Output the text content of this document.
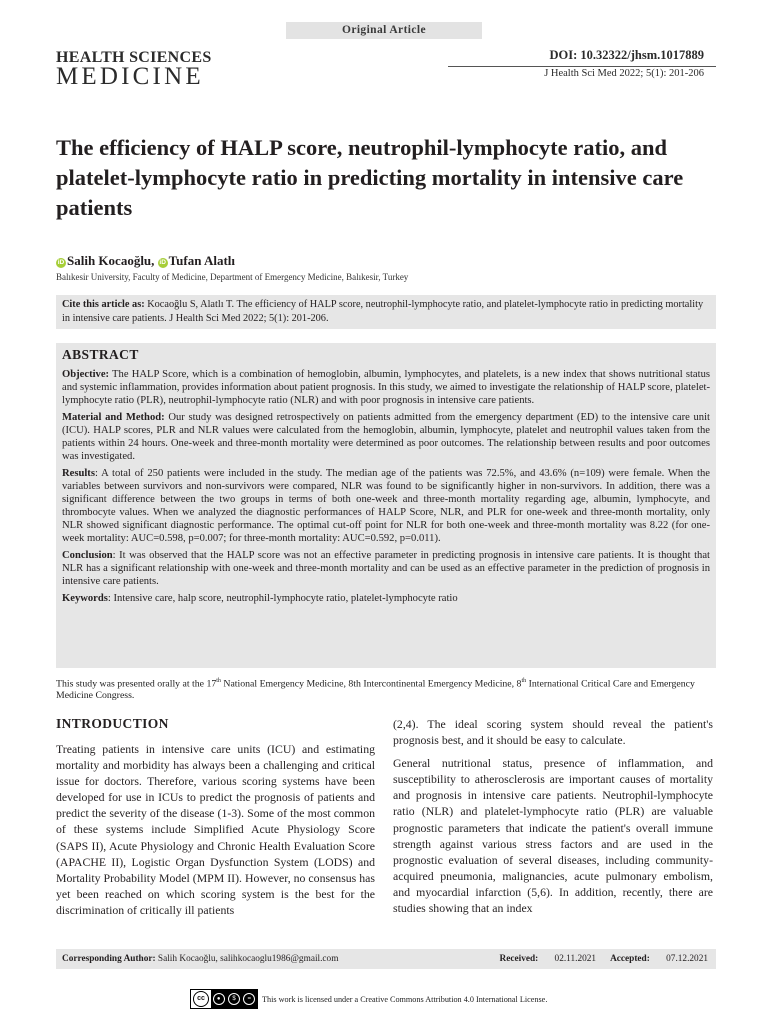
Original Article
HEALTH SCIENCES
MEDICINE
DOI: 10.32322/jhsm.1017889
J Health Sci Med 2022; 5(1): 201-206
The efficiency of HALP score, neutrophil-lymphocyte ratio, and platelet-lymphocyte ratio in predicting mortality in intensive care patients
iD Salih Kocaoğlu, iD Tufan Alatlı
Balıkesir University, Faculty of Medicine, Department of Emergency Medicine, Balıkesir, Turkey
Cite this article as: Kocaoğlu S, Alatlı T. The efficiency of HALP score, neutrophil-lymphocyte ratio, and platelet-lymphocyte ratio in predicting mortality in intensive care patients. J Health Sci Med 2022; 5(1): 201-206.
ABSTRACT

Objective: The HALP Score, which is a combination of hemoglobin, albumin, lymphocytes, and platelets, is a new index that shows nutritional status and systemic inflammation, provides information about patient prognosis. In this study, we aimed to investigate the relationship of HALP score, platelet-lymphocyte ratio (PLR), neutrophil-lymphocyte ratio (NLR) and with poor prognosis in intensive care patients.

Material and Method: Our study was designed retrospectively on patients admitted from the emergency department (ED) to the intensive care unit (ICU). HALP scores, PLR and NLR values were calculated from the hemoglobin, albumin, lymphocyte, platelet and neutrophil values taken from the patients within 24 hours. One-week and three-month mortality were determined as poor outcomes. The relationship between results and poor outcomes was investigated.

Results: A total of 250 patients were included in the study. The median age of the patients was 72.5%, and 43.6% (n=109) were female. When the variables between survivors and non-survivors were compared, NLR was found to be significantly higher in non-survivors. In addition, there was a significant difference between the two groups in terms of both one-week and three-month mortality regarding age, albumin, lymphocyte, and thrombocyte values. When we analyzed the diagnostic performances of HALP Score, NLR, and PLR for one-week and three-month mortality, only NLR showed significant diagnostic performance. The optimal cut-off point for NLR for both one-week and three-month mortality was 8.22 (for one-week mortality: AUC=0.598, p=0.007; for three-month mortality: AUC=0.592, p=0.011).

Conclusion: It was observed that the HALP score was not an effective parameter in predicting prognosis in intensive care patients. It is thought that NLR has a significant relationship with one-week and three-month mortality and can be used as an effective parameter in the prediction of prognosis in intensive care patients.

Keywords: Intensive care, halp score, neutrophil-lymphocyte ratio, platelet-lymphocyte ratio

This study was presented orally at the 17th National Emergency Medicine, 8th Intercontinental Emergency Medicine, 8th International Critical Care and Emergency Medicine Congress.
INTRODUCTION

Treating patients in intensive care units (ICU) and estimating mortality and morbidity has always been a challenging and critical issue for doctors. Therefore, various scoring systems have been developed for use in ICUs to predict the prognosis of patients and predict the severity of the disease (1-3). Some of the most common of these systems include Simplified Acute Physiology Score (SAPS II), Acute Physiology and Chronic Health Evaluation Score (APACHE II), Logistic Organ Dysfunction System (LODS) and Mortality Probability Model (MPM II). However, no consensus has yet been reached on which scoring system is the best for the discrimination of critically ill patients

(2,4). The ideal scoring system should reveal the patient's prognosis best, and it should be easy to calculate.

General nutritional status, presence of inflammation, and susceptibility to atherosclerosis are important causes of mortality and prognosis in intensive care patients. Neutrophil-lymphocyte ratio (NLR) and platelet-lymphocyte ratio (PLR) are valuable prognostic parameters that indicate the patient's overall immune strength against various stress factors and are used in the prognostic evaluation of several diseases, including community-acquired pneumonia, malignancies, acute pulmonary embolism, and myocardial infarction (5,6). In addition, recently, there are studies showing that an index

Corresponding Author: Salih Kocaoğlu, salihkocaoglu1986@gmail.com	Received: 02.11.2021 Accepted: 07.12.2021
cc	●	$	=	This work is licensed under a Creative Commons Attribution 4.0 International License.
